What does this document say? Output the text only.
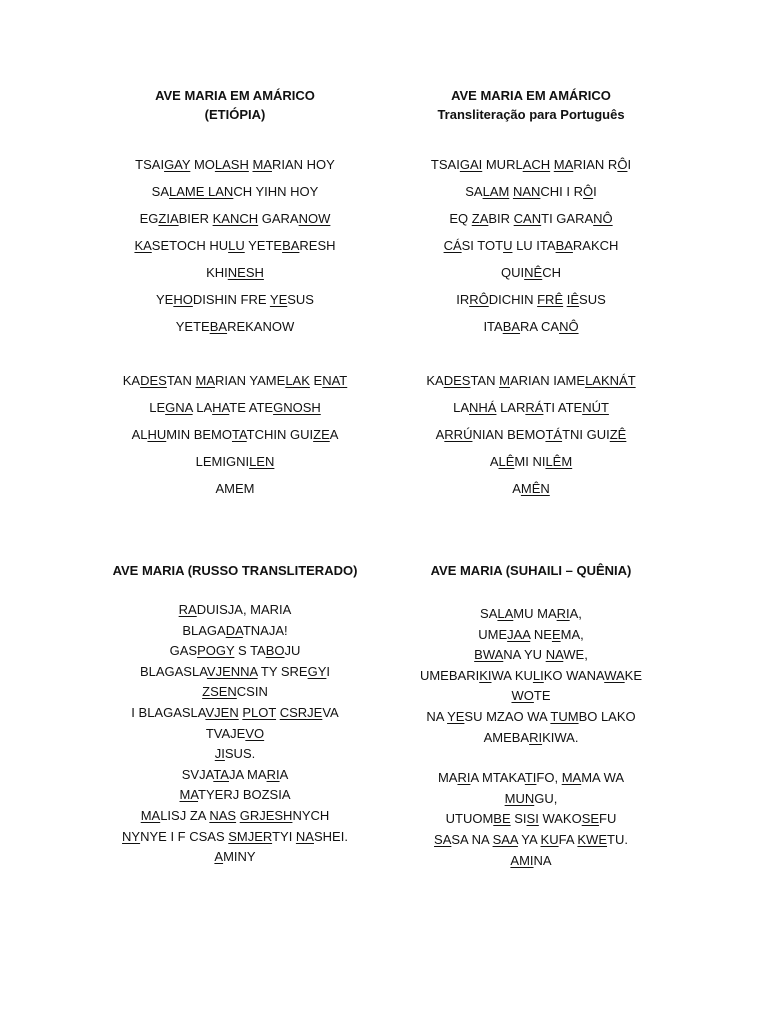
AVE MARIA EM AMÁRICO

(ETIÓPIA)

TSAIGAY MOLASH MARIAN HOY

SALAME LANCH YIHN HOY

EGZIABIER KANCH GARANOW

KASETOCH HULU YETEBARESH

KHINESH

YEHODISHIN FRE YESUS

YETEBAREKANOW

KADESTAN MARIAN YAMELAK ENAT

LEGNA LAHATE ATEGNOSH

ALHUMIN BEMOTATCHIN GUIZEA

LEMIGNILEN

AMEM

AVE MARIA EM AMÁRICO

Transliteração para Português

TSAIGAI MURLACH MARIAN RÔI

SALAM NANCHI I RÔI

EQ ZABIR CANTI GARANÔ

CÁSI TOTU LU ITABARAKCH

QUINÊCH

IRRÔDICHIN FRÊ IÊSUS

ITABARA CANÔ

KADESTAN MARIAN IAMELAKNÁT

LANHÁ LARRÁTI ATENÚT

ARRÚNIAN BEMOTÁTNI GUIZÊ

ALÊMI NILÊM

AMÊN

AVE MARIA (RUSSO TRANSLITERADO)

RADUISJA, MARIA

BLAGADATNAJA!

GASPOGY S TABOJU

BLAGASLAVJENNA TY SREGYI

ZSENCSIN

I BLAGASLAVJEN PLOT CSRJEVA

TVAJEVO

JISUS.

SVJATAJA MARIA

MATYERJ BOZSIA

MALISJ ZA NAS GRJESHNYCH

NYNYE I F CSAS SMJERTYI NASHEI.

AMINY

AVE MARIA (SUHAILI – QUÊNIA)

SALAMU MARIA,

UMEJAA NEEMA,

BWANA YU NAWE,

UMEBARIKIWA KULIKO WANAWAKE

WOTE

NA YESU MZAO WA TUMBO LAKO

AMEBARIKIWA.

MARIA MTAKATIFO, MAMA WA

MUNGU,

UTUOMBE SISI WAKOSEFU

SASA NA SAA YA KUFA KWETU.

AMINA
